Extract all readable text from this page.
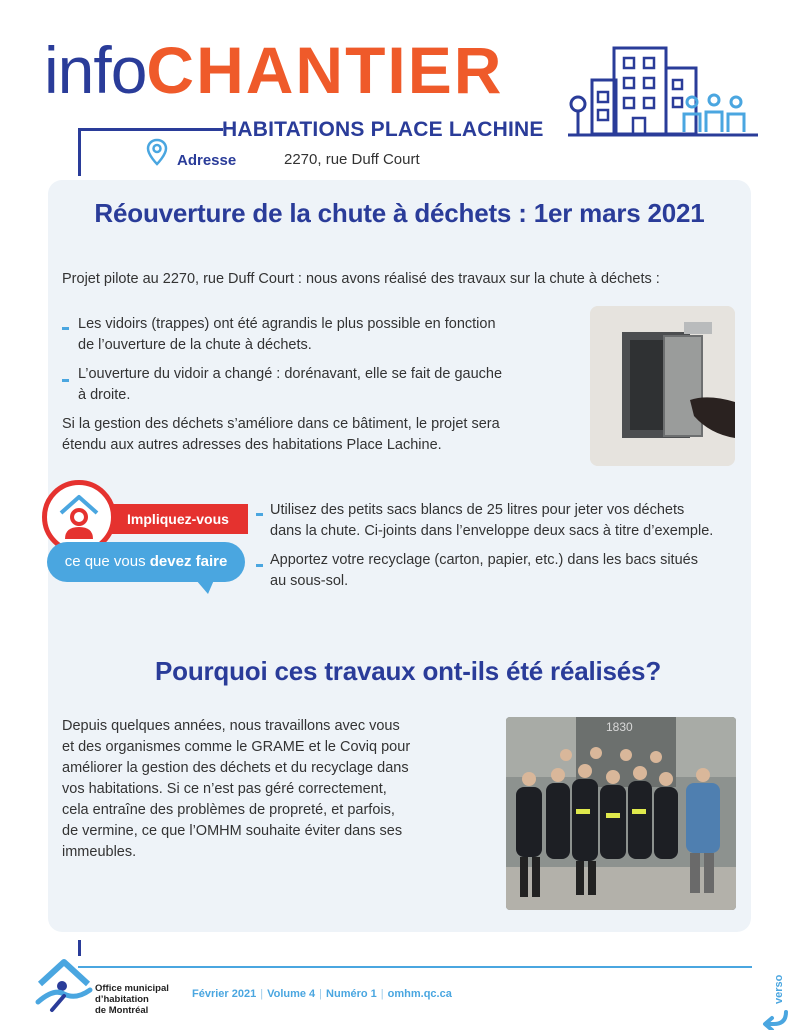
infoCHANTIER
HABITATIONS PLACE LACHINE
Adresse	2270, rue Duff Court
Réouverture de la chute à déchets : 1er mars 2021
Projet pilote au 2270, rue Duff Court : nous avons réalisé des travaux sur la chute à déchets :
Les vidoirs (trappes) ont été agrandis le plus possible en fonction
de l’ouverture de la chute à déchets.
L’ouverture du vidoir a changé : dorénavant, elle se fait de gauche
à droite.
Si la gestion des déchets s’améliore dans ce bâtiment, le projet sera
étendu aux autres adresses des habitations Place Lachine.
Impliquez-vous
ce que vous devez faire
Utilisez des petits sacs blancs de 25 litres pour jeter vos déchets
dans la chute. Ci-joints dans l’enveloppe deux sacs à titre d’exemple.
Apportez votre recyclage (carton, papier, etc.) dans les bacs situés
au sous-sol.
Pourquoi ces travaux ont-ils été réalisés?
Depuis quelques années, nous travaillons avec vous
et des organismes comme le GRAME et le Coviq pour
améliorer la gestion des déchets et du recyclage dans
vos habitations. Si ce n’est pas géré correctement,
cela entraîne des problèmes de propreté, et parfois,
de vermine, ce que l’OMHM souhaite éviter dans ses
immeubles.
1830
Office municipal
d’habitation
de Montréal
Février 2021 | Volume 4 | Numéro 1 | omhm.qc.ca	verso
